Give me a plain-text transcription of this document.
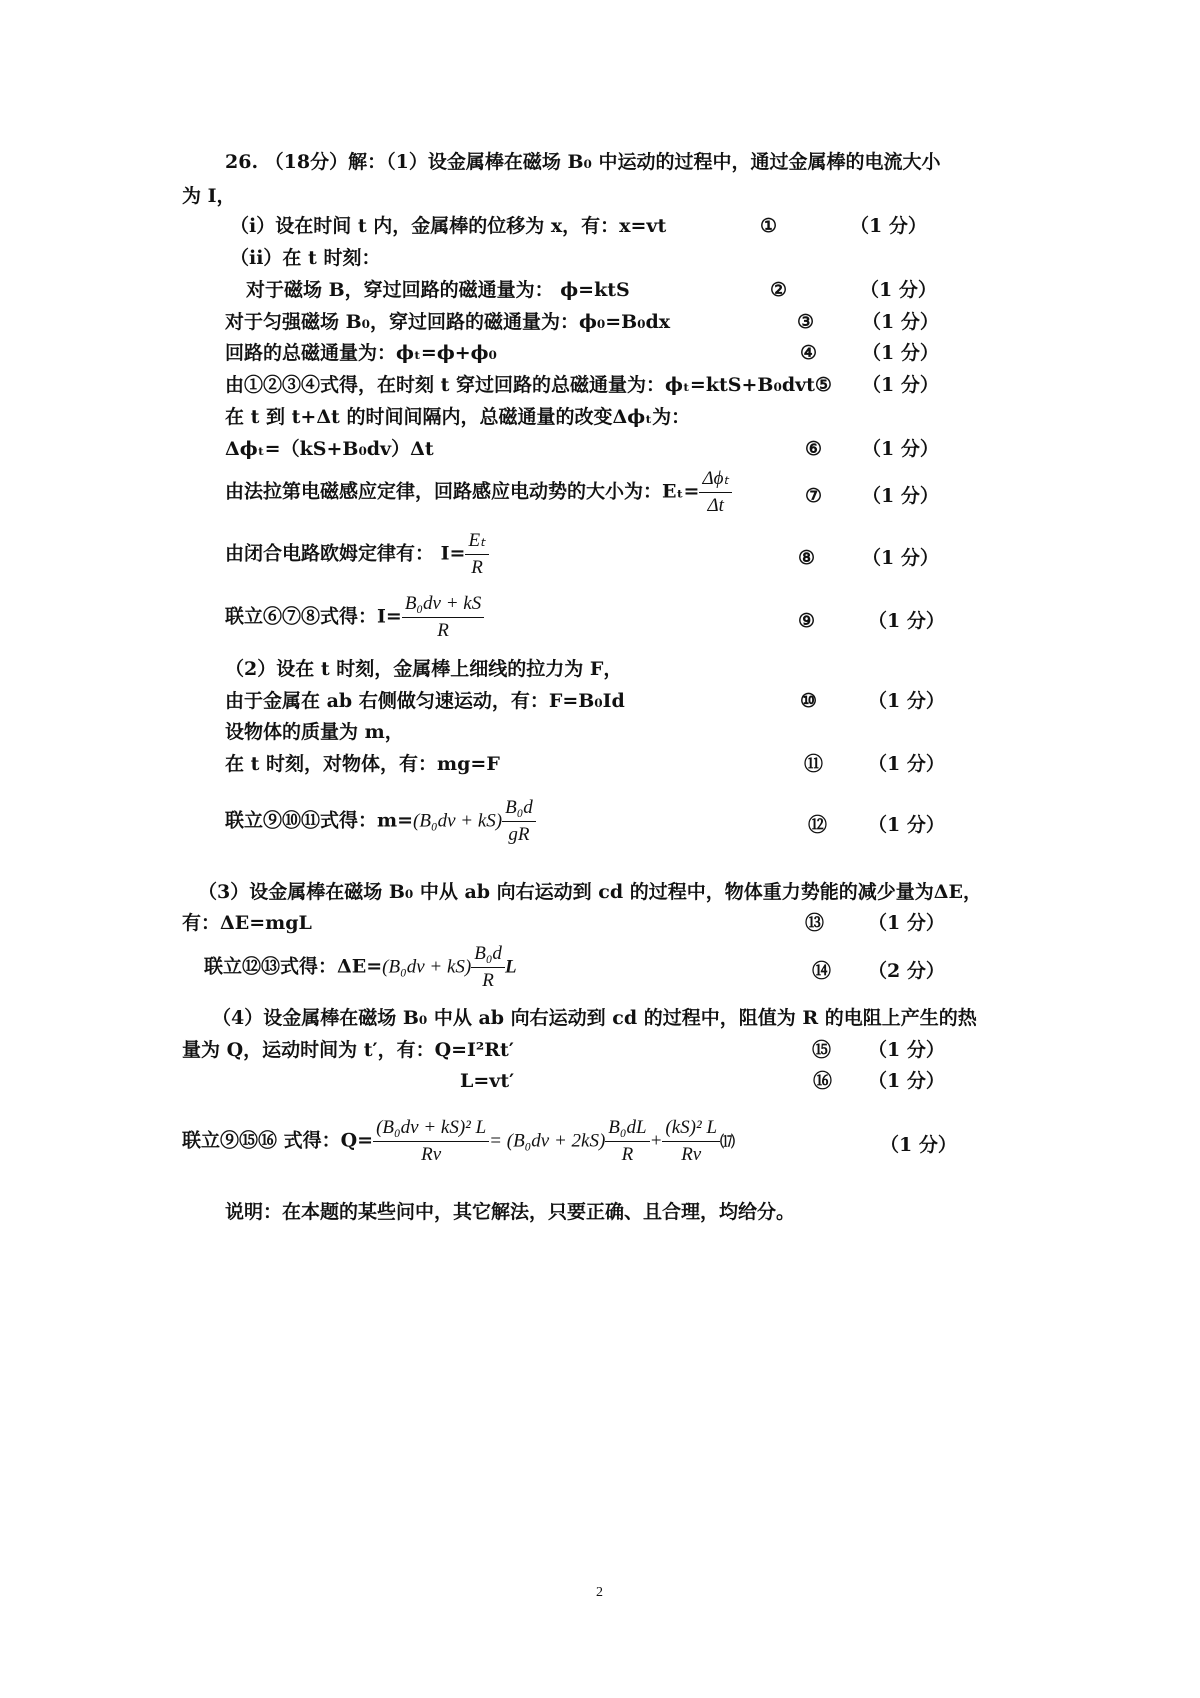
26. （18分）解：（1）设金属棒在磁场 B₀ 中运动的过程中，通过金属棒的电流大小
为 I，
（i）设在时间 t 内，金属棒的位移为 x，有：x=vt	①	（1 分）
（ii）在 t 时刻：
对于磁场 B，穿过回路的磁通量为： ϕ=ktS	②	（1 分）
对于匀强磁场 B₀，穿过回路的磁通量为：ϕ₀=B₀dx	③	（1 分）
回路的总磁通量为：ϕₜ=ϕ+ϕ₀	④ （1 分）
由①②③④式得，在时刻 t 穿过回路的总磁通量为：ϕₜ=ktS+B₀dvt⑤ （1 分）
在 t 到 t+Δt 的时间间隔内，总磁通量的改变Δϕₜ为：
Δϕₜ=（kS+B₀dv）Δt	⑥ （1 分）
由法拉第电磁感应定律，回路感应电动势的大小为：$E_t= \frac{\text{Δϕₜ}}{\Delta t}$	⑦ （1 分）
由闭合电路欧姆定律有： $I= \frac{\text{Eₜ}}{R}$	⑧ （1 分）
联立⑥⑦⑧式得：$I= \frac{\text{B₀dv + kS}}{R}$	⑨	（1 分）
（2）设在 t 时刻，金属棒上细线的拉力为 F，
由于金属在 ab 右侧做匀速运动，有：F=B₀Id	⑩	（1 分）
设物体的质量为 m，
在 t 时刻，对物体，有：mg=F	⑪ （1 分）
联立⑨⑩⑪式得：$m=(B_0dv + kS) \frac{\text{B₀d}}{gR}$	⑫ （1 分）
（3）设金属棒在磁场 B₀ 中从 ab 向右运动到 cd 的过程中，物体重力势能的减少量为ΔE，
有：ΔE=mgL	⑬ （1 分）
联立⑫⑬式得：$\Delta E=(B_0dv + kS) \frac{\text{B₀d}}{R}$ L	⑭ （2 分）
（4）设金属棒在磁场 B₀ 中从 ab 向右运动到 cd 的过程中，阻值为 R 的电阻上产生的热
量为 Q，运动时间为 t′，有：Q=I²Rt′	⑮ （1 分）
L=vt′	⑯ （1 分）
联立⑨⑮⑯ 式得：$Q= \frac{\text{(B₀dv + kS)² L}}{Rv} = (B_0dv + 2kS) \frac{\text{B₀dL}}{R} + \frac{\text{(kS)² L}}{Rv}$ ⒄	（1 分）
说明：在本题的某些问中，其它解法，只要正确、且合理，均给分。
2
